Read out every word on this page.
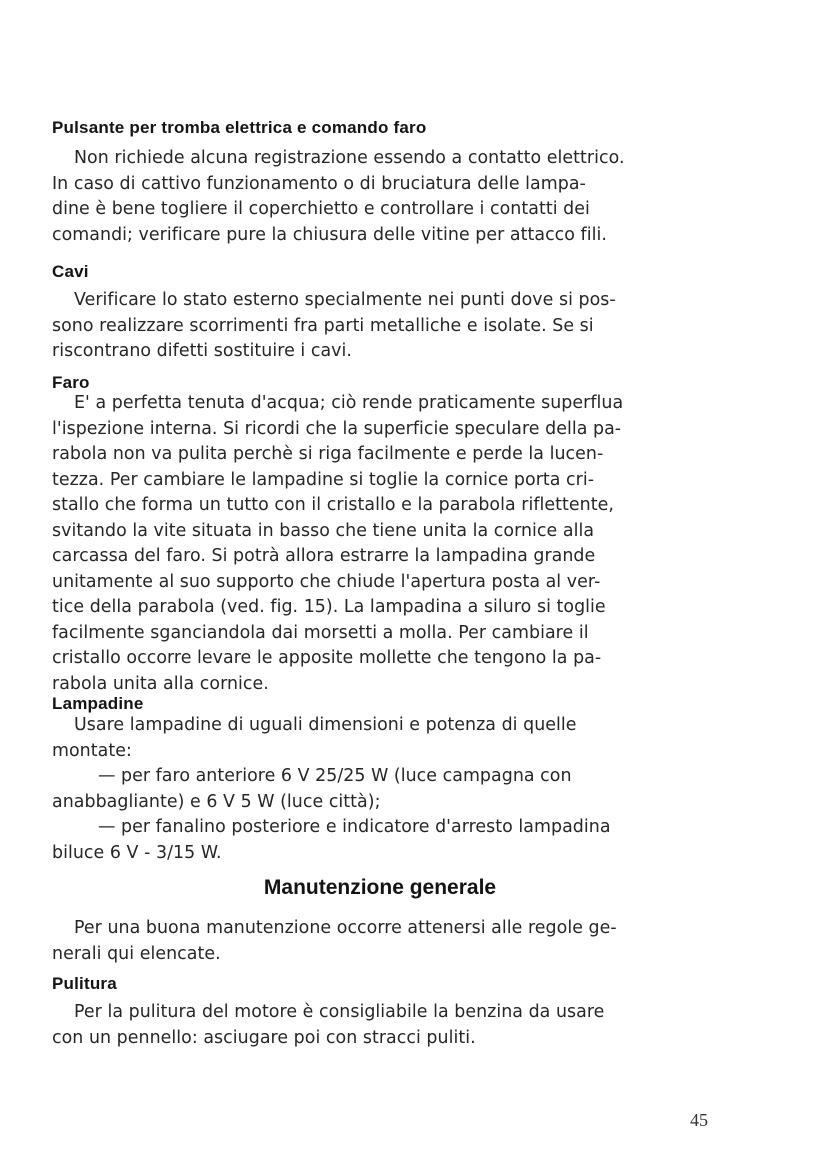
Pulsante per tromba elettrica e comando faro
Non richiede alcuna registrazione essendo a contatto elettrico.
In caso di cattivo funzionamento o di bruciatura delle lampa-
dine è bene togliere il coperchietto e controllare i contatti dei
comandi; verificare pure la chiusura delle vitine per attacco fili.
Cavi
Verificare lo stato esterno specialmente nei punti dove si pos-
sono realizzare scorrimenti fra parti metalliche e isolate. Se si
riscontrano difetti sostituire i cavi.
Faro
E' a perfetta tenuta d'acqua; ciò rende praticamente superflua
l'ispezione interna. Si ricordi che la superficie speculare della pa-
rabola non va pulita perchè si riga facilmente e perde la lucen-
tezza. Per cambiare le lampadine si toglie la cornice porta cri-
stallo che forma un tutto con il cristallo e la parabola riflettente,
svitando la vite situata in basso che tiene unita la cornice alla
carcassa del faro. Si potrà allora estrarre la lampadina grande
unitamente al suo supporto che chiude l'apertura posta al ver-
tice della parabola (ved. fig. 15). La lampadina a siluro si toglie
facilmente sganciandola dai morsetti a molla. Per cambiare il
cristallo occorre levare le apposite mollette che tengono la pa-
rabola unita alla cornice.
Lampadine
Usare lampadine di uguali dimensioni e potenza di quelle
montate:
— per faro anteriore 6 V 25/25 W (luce campagna con
anabbagliante) e 6 V 5 W (luce città);
— per fanalino posteriore e indicatore d'arresto lampadina
biluce 6 V - 3/15 W.
Manutenzione generale
Per una buona manutenzione occorre attenersi alle regole ge-
nerali qui elencate.
Pulitura
Per la pulitura del motore è consigliabile la benzina da usare
con un pennello: asciugare poi con stracci puliti.
45
